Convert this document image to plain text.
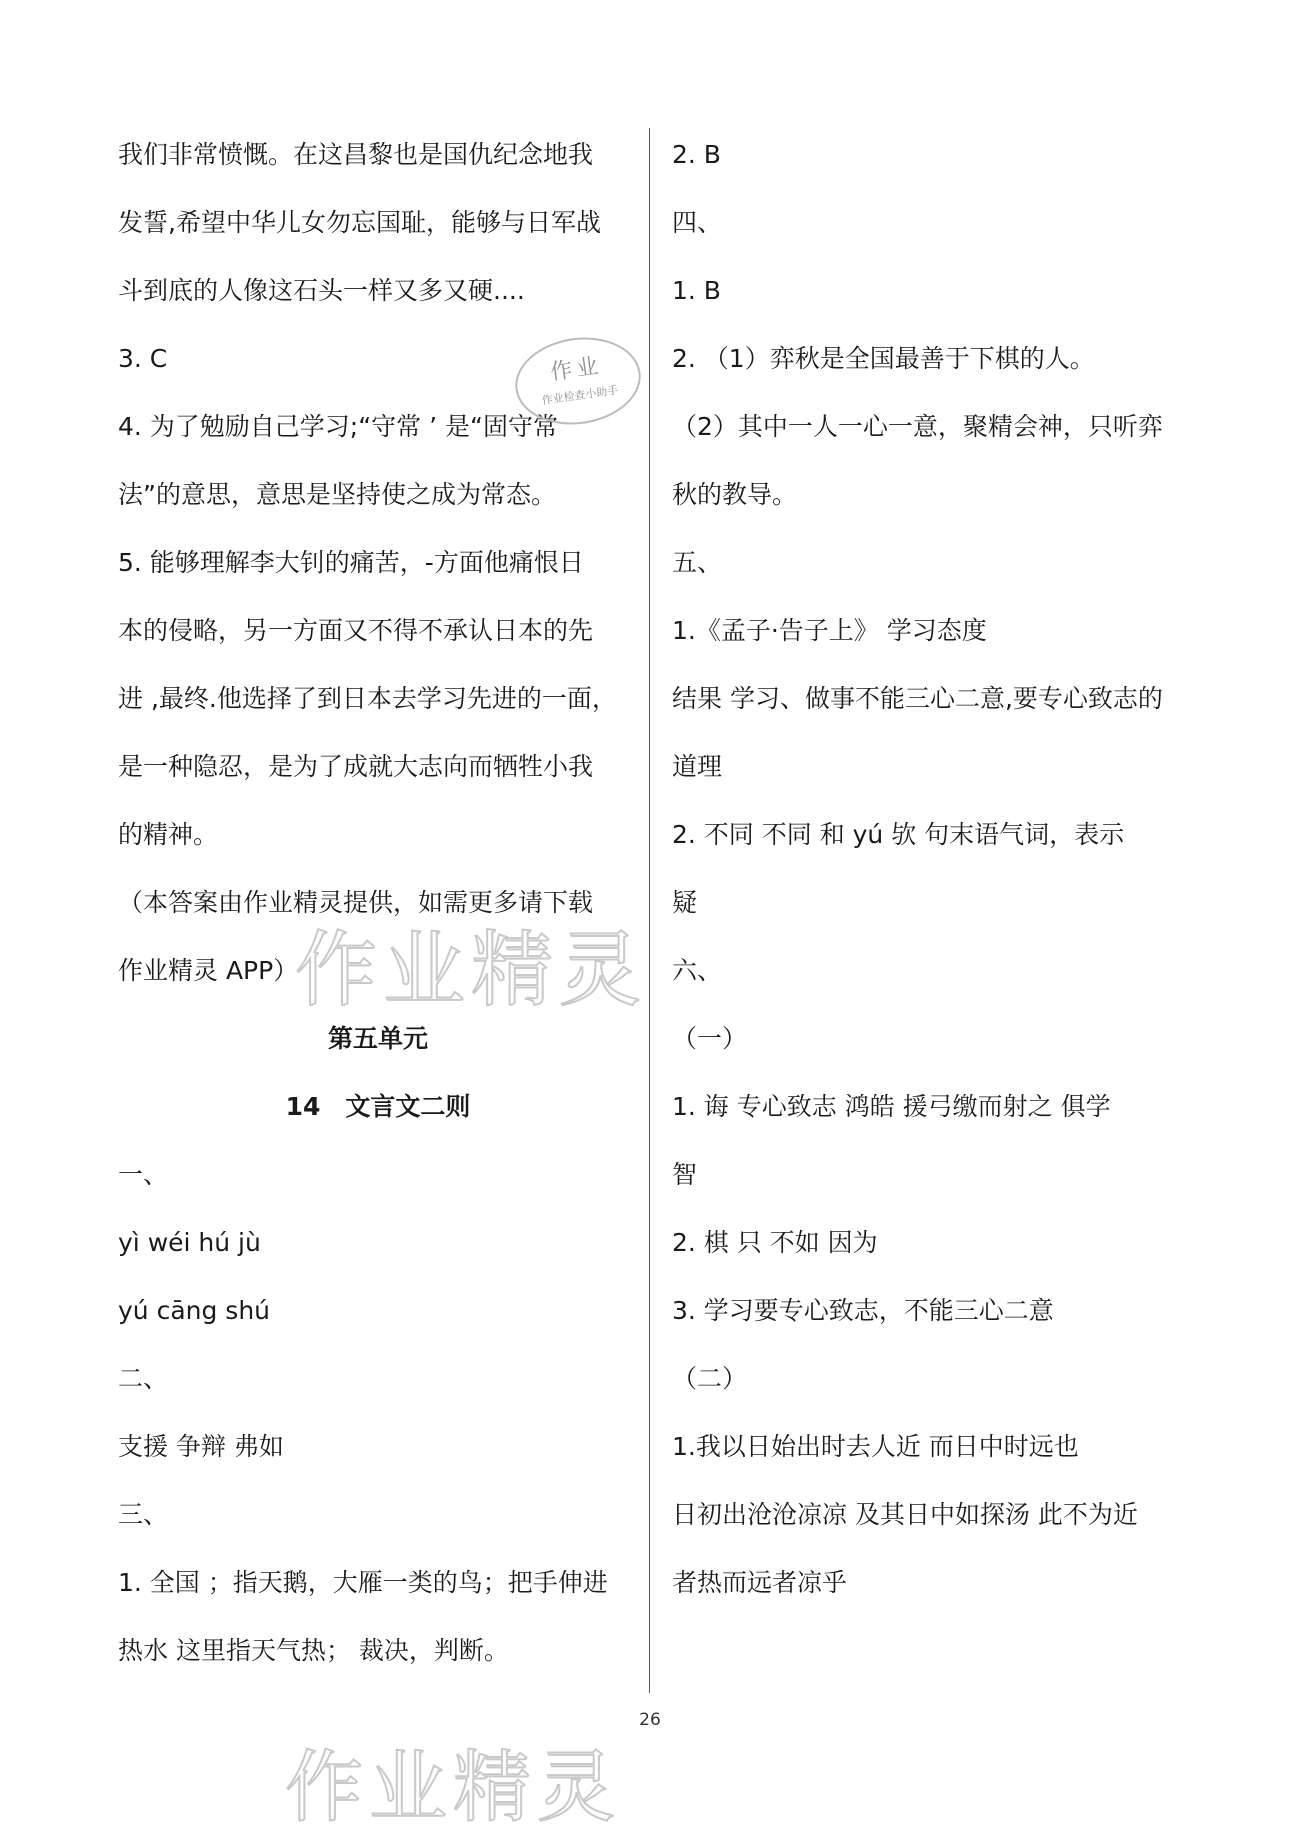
我们非常愤慨。在这昌黎也是国仇纪念地我
发誓,希望中华儿女勿忘国耻，能够与日军战
斗到底的人像这石头一样又多又硬....
3. C
4. 为了勉励自己学习;“守常 ’ 是“固守常
法”的意思，意思是坚持使之成为常态。
5. 能够理解李大钊的痛苦，-方面他痛恨日
本的侵略，另一方面又不得不承认日本的先
进 ,最终.他选择了到日本去学习先进的一面，
是一种隐忍，是为了成就大志向而牺牲小我
的精神。
（本答案由作业精灵提供，如需更多请下载
作业精灵 APP）
第五单元
14　文言文二则
一、
yì wéi hú jù
yú cāng shú
二、
支援 争辩 弗如
三、
1. 全国 ；指天鹅，大雁一类的鸟；把手伸进
热水 这里指天气热； 裁决，判断。
2. B
四、
1. B
2. （1）弈秋是全国最善于下棋的人。
（2）其中一人一心一意，聚精会神，只听弈
秋的教导。
五、
1.《孟子·告子上》 学习态度
结果 学习、做事不能三心二意,要专心致志的
道理
2. 不同 不同 和 yú 欤 句末语气词，表示
疑
六、
（一）
1. 诲 专心致志 鸿皓 援弓缴而射之 俱学
智
2. 棋 只 不如 因为
3. 学习要专心致志，不能三心二意
（二）
1.我以日始出时去人近 而日中时远也
日初出沧沧凉凉 及其日中如探汤 此不为近
者热而远者凉乎
作业精灵
作业精灵
作业
作业检查小助手
26
